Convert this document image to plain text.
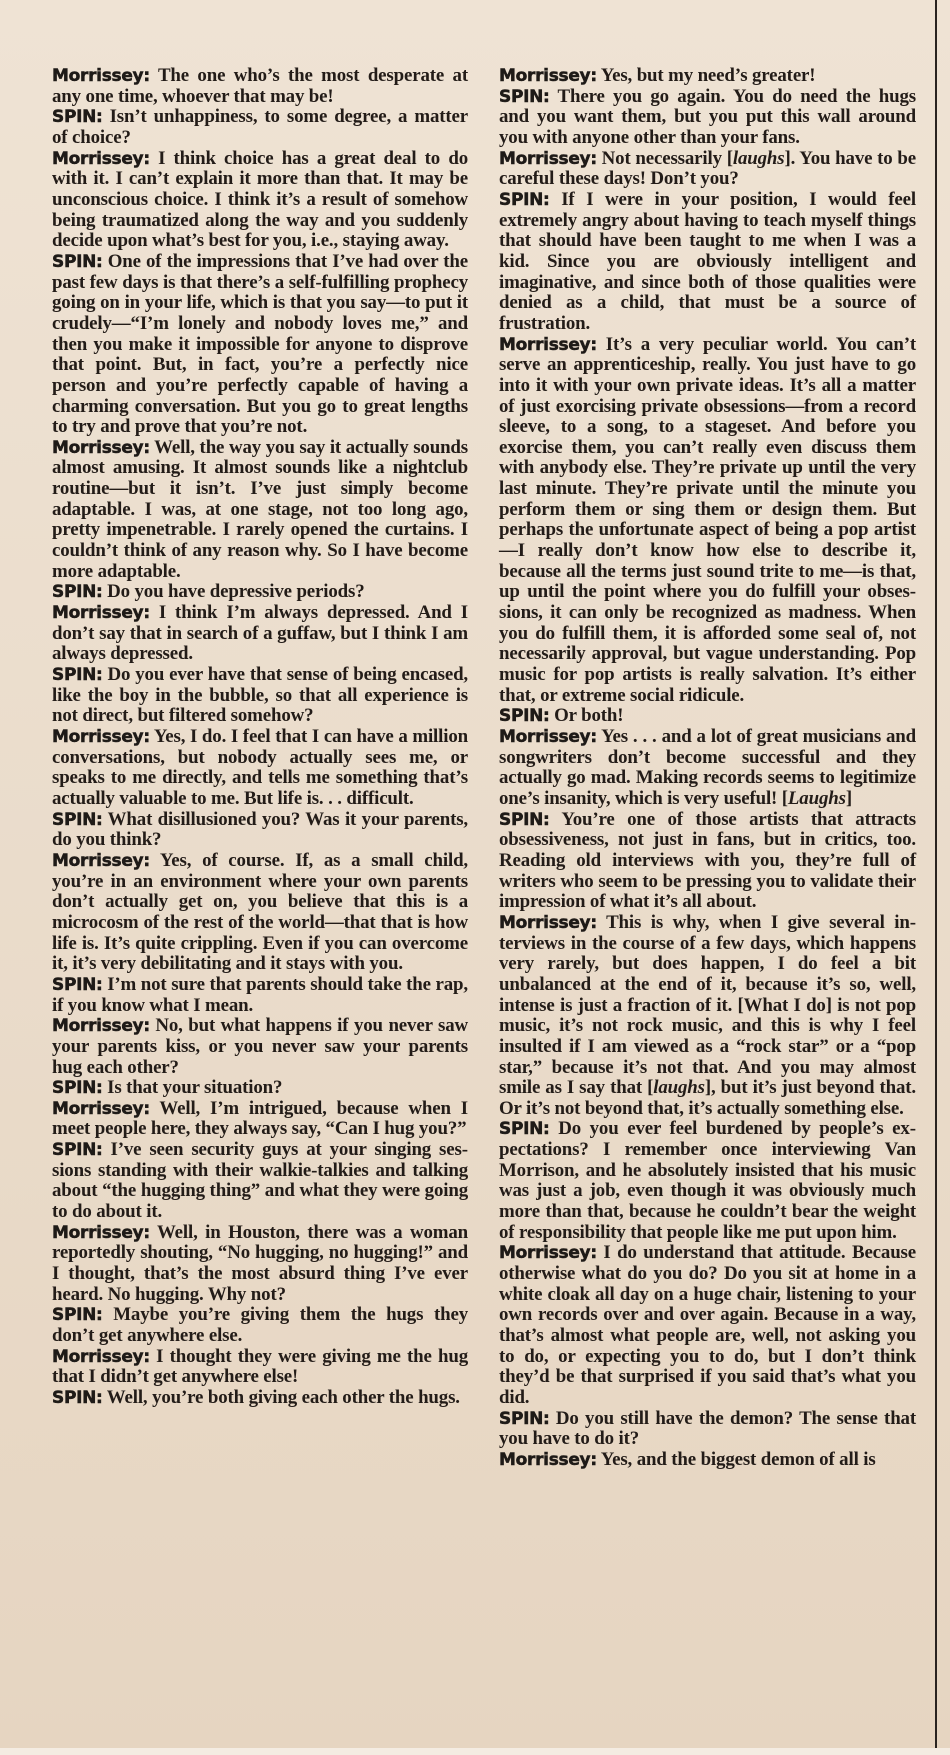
Morrissey: The one who’s the most desperate at any one time, whoever that may be!

SPIN: Isn’t unhappiness, to some degree, a matter of choice?

Morrissey: I think choice has a great deal to do with it. I can’t explain it more than that. It may be unconscious choice. I think it’s a result of somehow being traumatized along the way and you suddenly decide upon what’s best for you, i.e., staying away.

SPIN: One of the impressions that I’ve had over the past few days is that there’s a self-fulfilling prophecy going on in your life, which is that you say—to put it crudely—“I’m lonely and nobody loves me,” and then you make it impossible for anyone to disprove that point. But, in fact, you’re a perfectly nice person and you’re perfectly capable of having a charming conversation. But you go to great lengths to try and prove that you’re not.

Morrissey: Well, the way you say it actually sounds almost amusing. It almost sounds like a nightclub routine—but it isn’t. I’ve just simply become adaptable. I was, at one stage, not too long ago, pretty impenetrable. I rarely opened the curtains. I couldn’t think of any reason why. So I have become more adaptable.

SPIN: Do you have depressive periods?

Morrissey: I think I’m always depressed. And I don’t say that in search of a guffaw, but I think I am always depressed.

SPIN: Do you ever have that sense of being encased, like the boy in the bubble, so that all experience is not direct, but filtered somehow?

Morrissey: Yes, I do. I feel that I can have a million conversations, but nobody actually sees me, or speaks to me directly, and tells me something that’s actually valuable to me. But life is. . . difficult.

SPIN: What disillusioned you? Was it your parents, do you think?

Morrissey: Yes, of course. If, as a small child, you’re in an environment where your own parents don’t actually get on, you believe that this is a microcosm of the rest of the world—that that is how life is. It’s quite crippling. Even if you can overcome it, it’s very debilitating and it stays with you.

SPIN: I’m not sure that parents should take the rap, if you know what I mean.

Morrissey: No, but what happens if you never saw your parents kiss, or you never saw your parents hug each other?

SPIN: Is that your situation?

Morrissey: Well, I’m intrigued, because when I meet people here, they always say, “Can I hug you?”

SPIN: I’ve seen security guys at your singing sessions standing with their walkie-talkies and talking about “the hugging thing” and what they were going to do about it.

Morrissey: Well, in Houston, there was a woman reportedly shouting, “No hugging, no hugging!” and I thought, that’s the most absurd thing I’ve ever heard. No hugging. Why not?

SPIN: Maybe you’re giving them the hugs they don’t get anywhere else.

Morrissey: I thought they were giving me the hug that I didn’t get anywhere else!

SPIN: Well, you’re both giving each other the hugs.

Morrissey: Yes, but my need’s greater!

SPIN: There you go again. You do need the hugs and you want them, but you put this wall around you with anyone other than your fans.

Morrissey: Not necessarily [laughs]. You have to be careful these days! Don’t you?

SPIN: If I were in your position, I would feel extremely angry about having to teach myself things that should have been taught to me when I was a kid. Since you are obviously intelligent and imaginative, and since both of those qualities were denied as a child, that must be a source of frustration.

Morrissey: It’s a very peculiar world. You can’t serve an apprenticeship, really. You just have to go into it with your own private ideas. It’s all a matter of just exorcising private obsessions—from a record sleeve, to a song, to a stageset. And before you exorcise them, you can’t really even discuss them with anybody else. They’re private up until the very last minute. They’re private until the minute you perform them or sing them or design them. But perhaps the unfortunate aspect of being a pop artist—I really don’t know how else to describe it, because all the terms just sound trite to me—is that, up until the point where you do fulfill your obsessions, it can only be recognized as madness. When you do fulfill them, it is afforded some seal of, not necessarily approval, but vague understanding. Pop music for pop artists is really salvation. It’s either that, or extreme social ridicule.

SPIN: Or both!

Morrissey: Yes . . . and a lot of great musicians and songwriters don’t become successful and they actually go mad. Making records seems to legitimize one’s insanity, which is very useful! [Laughs]

SPIN: You’re one of those artists that attracts obsessiveness, not just in fans, but in critics, too. Reading old interviews with you, they’re full of writers who seem to be pressing you to validate their impression of what it’s all about.

Morrissey: This is why, when I give several interviews in the course of a few days, which happens very rarely, but does happen, I do feel a bit unbalanced at the end of it, because it’s so, well, intense is just a fraction of it. [What I do] is not pop music, it’s not rock music, and this is why I feel insulted if I am viewed as a “rock star” or a “pop star,” because it’s not that. And you may almost smile as I say that [laughs], but it’s just beyond that. Or it’s not beyond that, it’s actually something else.

SPIN: Do you ever feel burdened by people’s expectations? I remember once interviewing Van Morrison, and he absolutely insisted that his music was just a job, even though it was obviously much more than that, because he couldn’t bear the weight of responsibility that people like me put upon him.

Morrissey: I do understand that attitude. Because otherwise what do you do? Do you sit at home in a white cloak all day on a huge chair, listening to your own records over and over again. Because in a way, that’s almost what people are, well, not asking you to do, or expecting you to do, but I don’t think they’d be that surprised if you said that’s what you did.

SPIN: Do you still have the demon? The sense that you have to do it?

Morrissey: Yes, and the biggest demon of all is
